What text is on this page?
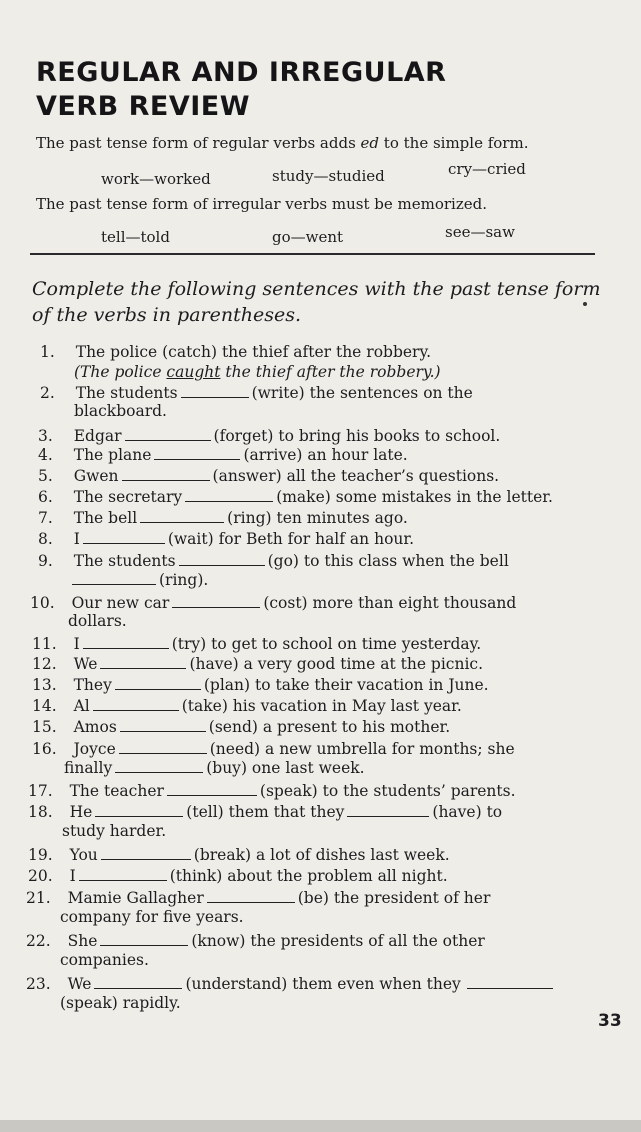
REGULAR AND IRREGULAR
VERB REVIEW
The past tense form of regular verbs adds ed to the simple form.
work—worked	study—studied	cry—cried
The past tense form of irregular verbs must be memorized.
tell—told	go—went	see—saw
Complete the following sentences with the past tense form of the verbs in parentheses.
1. The police (catch) the thief after the robbery.
(The police caught the thief after the robbery.)
2. The students	(write) the sentences on the
blackboard.
3. Edgar	(forget) to bring his books to school.
4. The plane	(arrive) an hour late.
5. Gwen	(answer) all the teacher’s questions.
6. The secretary	(make) some mistakes in the letter.
7. The bell	(ring) ten minutes ago.
8. I	(wait) for Beth for half an hour.
9. The students	(go) to this class when the bell
(ring).
10. Our new car	(cost) more than eight thousand
dollars.
11. I	(try) to get to school on time yesterday.
12. We	(have) a very good time at the picnic.
13. They	(plan) to take their vacation in June.
14. Al	(take) his vacation in May last year.
15. Amos	(send) a present to his mother.
16. Joyce	(need) a new umbrella for months; she
finally	(buy) one last week.
17. The teacher	(speak) to the students’ parents.
18. He	(tell) them that they	(have) to
study harder.
19. You	(break) a lot of dishes last week.
20. I	(think) about the problem all night.
21. Mamie Gallagher	(be) the president of her
company for five years.
22. She	(know) the presidents of all the other
companies.
23. We	(understand) them even when they
(speak) rapidly.
33
